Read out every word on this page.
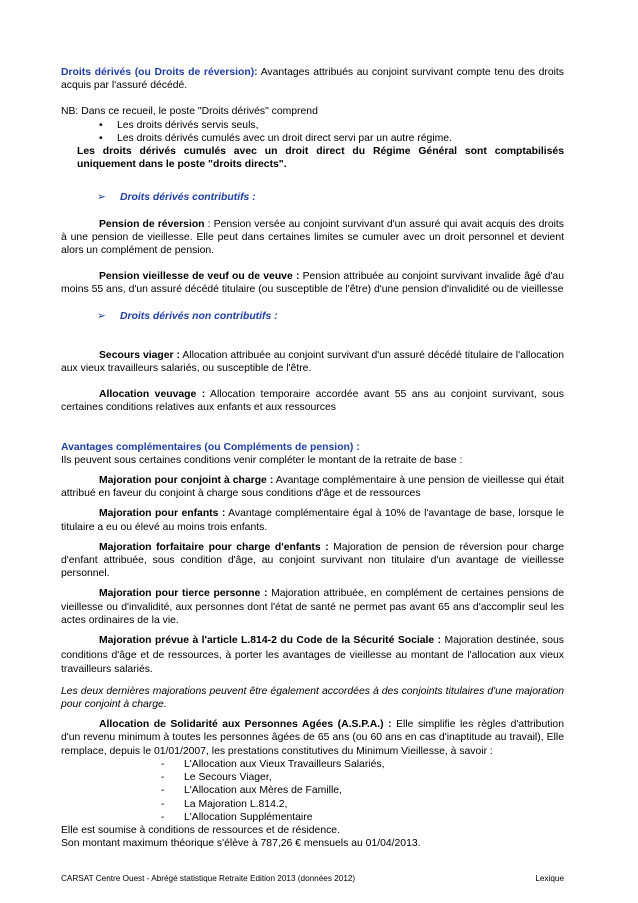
Droits dérivés (ou Droits de réversion): Avantages attribués au conjoint survivant compte tenu des droits acquis par l'assuré décédé.

NB: Dans ce recueil, le poste "Droits dérivés" comprend

•	Les droits dérivés servis seuls,
•	Les droits dérivés cumulés avec un droit direct servi par un autre régime.

Les droits dérivés cumulés avec un droit direct du Régime Général sont comptabilisés uniquement dans le poste "droits directs".

➢	Droits dérivés contributifs :

Pension de réversion : Pension versée au conjoint survivant d'un assuré qui avait acquis des droits à une pension de vieillesse. Elle peut dans certaines limites se cumuler avec un droit personnel et devient alors un complément de pension.

Pension vieillesse de veuf ou de veuve : Pension attribuée au conjoint survivant invalide âgé d'au moins 55 ans, d'un assuré décédé titulaire (ou susceptible de l'être) d'une pension d'invalidité ou de vieillesse

➢	Droits dérivés non contributifs :

Secours viager : Allocation attribuée au conjoint survivant d'un assuré décédé titulaire de l'allocation aux vieux travailleurs salariés, ou susceptible de l'être.

Allocation veuvage : Allocation temporaire accordée avant 55 ans au conjoint survivant, sous certaines conditions relatives aux enfants et aux ressources

Avantages complémentaires (ou Compléments de pension) :

Ils peuvent sous certaines conditions venir compléter le montant de la retraite de base :

Majoration pour conjoint à charge : Avantage complémentaire à une pension de vieillesse qui était attribué en faveur du conjoint à charge sous conditions d'âge et de ressources

Majoration pour enfants : Avantage complémentaire égal à 10% de l'avantage de base, lorsque le titulaire a eu ou élevé au moins trois enfants.

Majoration forfaitaire pour charge d'enfants : Majoration de pension de réversion pour charge d'enfant attribuée, sous condition d'âge, au conjoint survivant non titulaire d'un avantage de vieillesse personnel.

Majoration pour tierce personne : Majoration attribuée, en complément de certaines pensions de vieillesse ou d'invalidité, aux personnes dont l'état de santé ne permet pas avant 65 ans d'accomplir seul les actes ordinaires de la vie.

Majoration prévue à l'article L.814-2 du Code de la Sécurité Sociale : Majoration destinée, sous conditions d'âge et de ressources, à porter les avantages de vieillesse au montant de l'allocation aux vieux travailleurs salariés.

Les deux dernières majorations peuvent être également accordées à des conjoints titulaires d'une majoration pour conjoint à charge.

Allocation de Solidarité aux Personnes Agées (A.S.P.A.) : Elle simplifie les règles d'attribution d'un revenu minimum à toutes les personnes âgées de 65 ans (ou 60 ans en cas d'inaptitude au travail), Elle remplace, depuis le 01/01/2007, les prestations constitutives du Minimum Vieillesse, à savoir :

-	L'Allocation aux Vieux Travailleurs Salariés,
-	Le Secours Viager,
-	L'Allocation aux Mères de Famille,
-	La Majoration L.814.2,
-	L'Allocation Supplémentaire

Elle est soumise à conditions de ressources et de résidence.

Son montant maximum théorique s'élève à 787,26 € mensuels au 01/04/2013.

CARSAT Centre Ouest - Abrégé statistique Retraite Edition 2013 (données 2012)	Lexique
